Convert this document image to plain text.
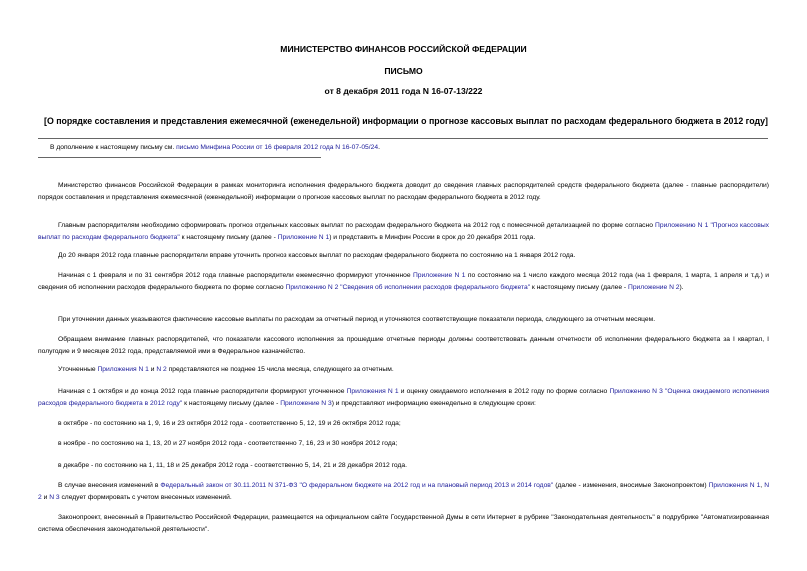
МИНИСТЕРСТВО ФИНАНСОВ РОССИЙСКОЙ ФЕДЕРАЦИИ
ПИСЬМО
от 8 декабря 2011 года N 16-07-13/222
[О порядке составления и представления ежемесячной (еженедельной) информации о прогнозе кассовых выплат по расходам федерального бюджета в 2012 году]
В дополнение к настоящему письму см. письмо Минфина России от 16 февраля 2012 года N 16-07-05/24.
Министерство финансов Российской Федерации в рамках мониторинга исполнения федерального бюджета доводит до сведения главных распорядителей средств федерального бюджета (далее - главные распорядители) порядок составления и представления ежемесячной (еженедельной) информации о прогнозе кассовых выплат по расходам федерального бюджета в 2012 году.
Главным распорядителям необходимо сформировать прогноз отдельных кассовых выплат по расходам федерального бюджета на 2012 год с помесячной детализацией по форме согласно Приложению N 1 "Прогноз кассовых выплат по расходам федерального бюджета" к настоящему письму (далее - Приложение N 1) и представить в Минфин России в срок до 20 декабря 2011 года.
До 20 января 2012 года главные распорядители вправе уточнить прогноз кассовых выплат по расходам федерального бюджета по состоянию на 1 января 2012 года.
Начиная с 1 февраля и по 31 сентября 2012 года главные распорядители ежемесячно формируют уточненное Приложение N 1 по состоянию на 1 число каждого месяца 2012 года (на 1 февраля, 1 марта, 1 апреля и т.д.) и сведения об исполнении расходов федерального бюджета по форме согласно Приложению N 2 "Сведения об исполнении расходов федерального бюджета" к настоящему письму (далее - Приложение N 2).
При уточнении данных указываются фактические кассовые выплаты по расходам за отчетный период и уточняются соответствующие показатели периода, следующего за отчетным месяцем.
Обращаем внимание главных распорядителей, что показатели кассового исполнения за прошедшие отчетные периоды должны соответствовать данным отчетности об исполнении федерального бюджета за I квартал, I полугодие и 9 месяцев 2012 года, представляемой ими в Федеральное казначейство.
Уточненные Приложения N 1 и N 2 представляются не позднее 15 числа месяца, следующего за отчетным.
Начиная с 1 октября и до конца 2012 года главные распорядители формируют уточненное Приложения N 1 и оценку ожидаемого исполнения в 2012 году по форме согласно Приложению N 3 "Оценка ожидаемого исполнения расходов федерального бюджета в 2012 году" к настоящему письму (далее - Приложение N 3) и представляют информацию еженедельно в следующие сроки:
в октябре - по состоянию на 1, 9, 16 и 23 октября 2012 года - соответственно 5, 12, 19 и 26 октября 2012 года;
в ноябре - по состоянию на 1, 13, 20 и 27 ноября 2012 года - соответственно 7, 16, 23 и 30 ноября 2012 года;
в декабре - по состоянию на 1, 11, 18 и 25 декабря 2012 года - соответственно 5, 14, 21 и 28 декабря 2012 года.
В случае внесения изменений в Федеральный закон от 30.11.2011 N 371-ФЗ "О федеральном бюджете на 2012 год и на плановый период 2013 и 2014 годов" (далее - изменения, вносимые Законопроектом) Приложения N 1, N 2 и N 3 следует формировать с учетом внесенных изменений.
Законопроект, внесенный в Правительство Российской Федерации, размещается на официальном сайте Государственной Думы в сети Интернет в рубрике "Законодательная деятельность" в подрубрике "Автоматизированная система обеспечения законодательной деятельности".
